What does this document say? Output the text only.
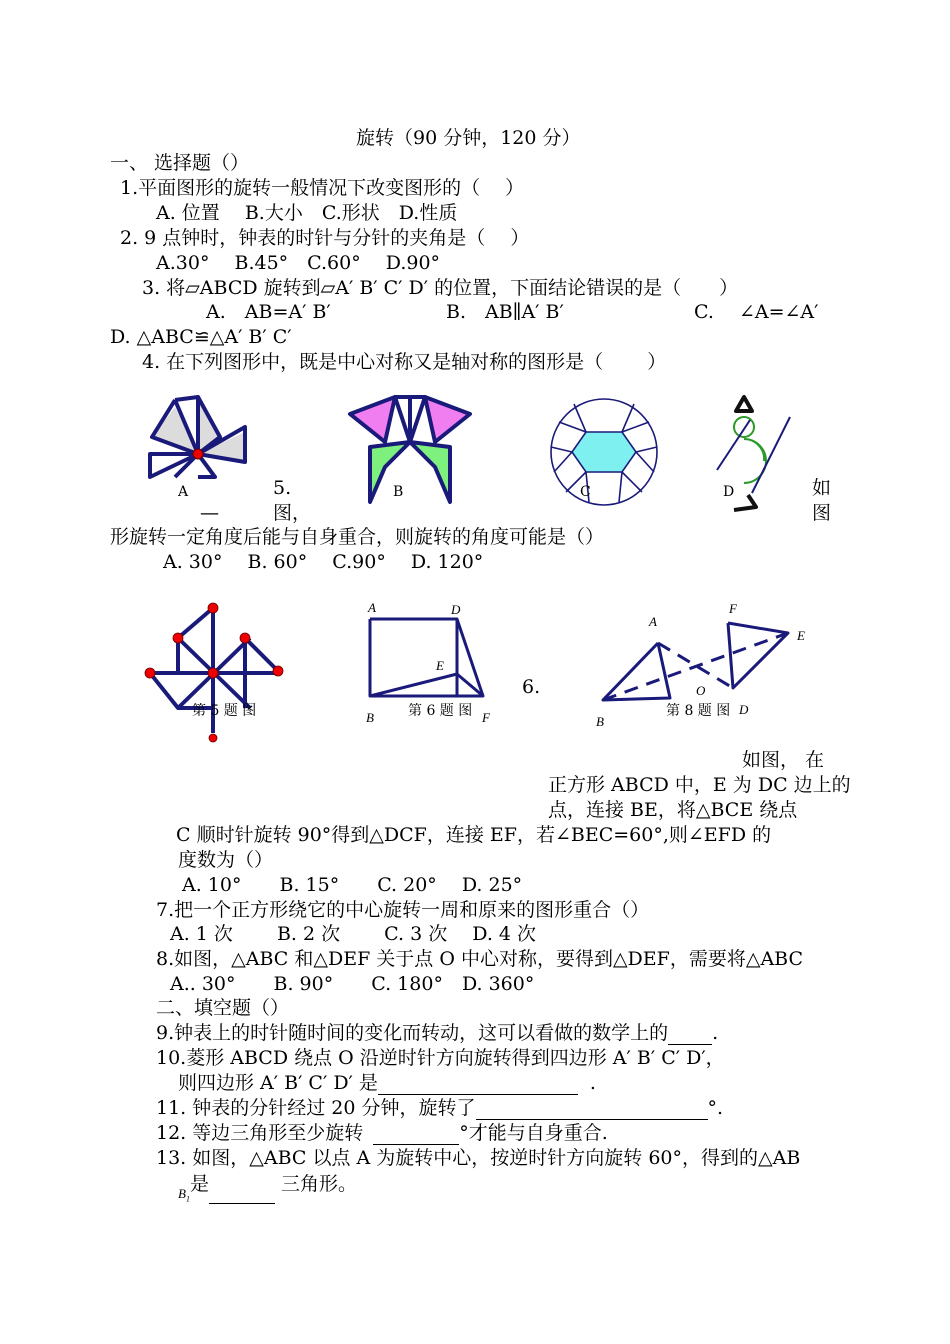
旋转（90 分钟，120 分）
一、 选择题（）
1.平面图形的旋转一般情况下改变图形的（　 ）
A. 位置　 B.大小　C.形状　D.性质
2. 9 点钟时，钟表的时针与分针的夹角是（　 ）
A.30°　 B.45°　C.60°　 D.90°
3. 将▱ABCD 旋转到▱A′ B′ C′ D′ 的位置，下面结论错误的是（　　）
A.　AB=A′ B′	B.　AB∥A′ B′	C.　 ∠A=∠A′
D. △ABC≌△A′ B′ C′
4. 在下列图形中，既是中心对称又是轴对称的图形是（　　 ）
A	B	C	D
5.	如
—	图，	图
形旋转一定角度后能与自身重合，则旋转的角度可能是（）
A. 30°　 B. 60°　 C.90°　 D. 120°
第 5 题 图
A	D
E
B	F
第 6 题 图
6.
A
F
E
O
B
D
第 8 题 图
如图， 在
正方形 ABCD 中，E 为 DC 边上的
点，连接 BE，将△BCE 绕点
C 顺时针旋转 90°得到△DCF，连接 EF，若∠BEC=60°,则∠EFD 的
度数为（）
A. 10°　　B. 15°　　C. 20°　 D. 25°
7.把一个正方形绕它的中心旋转一周和原来的图形重合（）
A. 1 次　　 B. 2 次　　 C. 3 次　 D. 4 次
8.如图，△ABC 和△DEF 关于点 O 中心对称，要得到△DEF，需要将△ABC
A.. 30°　　B. 90°　　C. 180°　D. 360°
二、填空题（）
9.钟表上的时针随时间的变化而转动，这可以看做的数学上的 .
10.菱形 ABCD 绕点 O 沿逆时针方向旋转得到四边形 A′ B′ C′ D′，
则四边形 A′ B′ C′ D′ 是	.
11. 钟表的分针经过 20 分钟，旋转了	°.
12. 等边三角形至少旋转	°才能与自身重合.
13. 如图，△ABC 以点 A 为旋转中心，按逆时针方向旋转 60°，得到的△AB
$_{B_1}$是	三角形。
